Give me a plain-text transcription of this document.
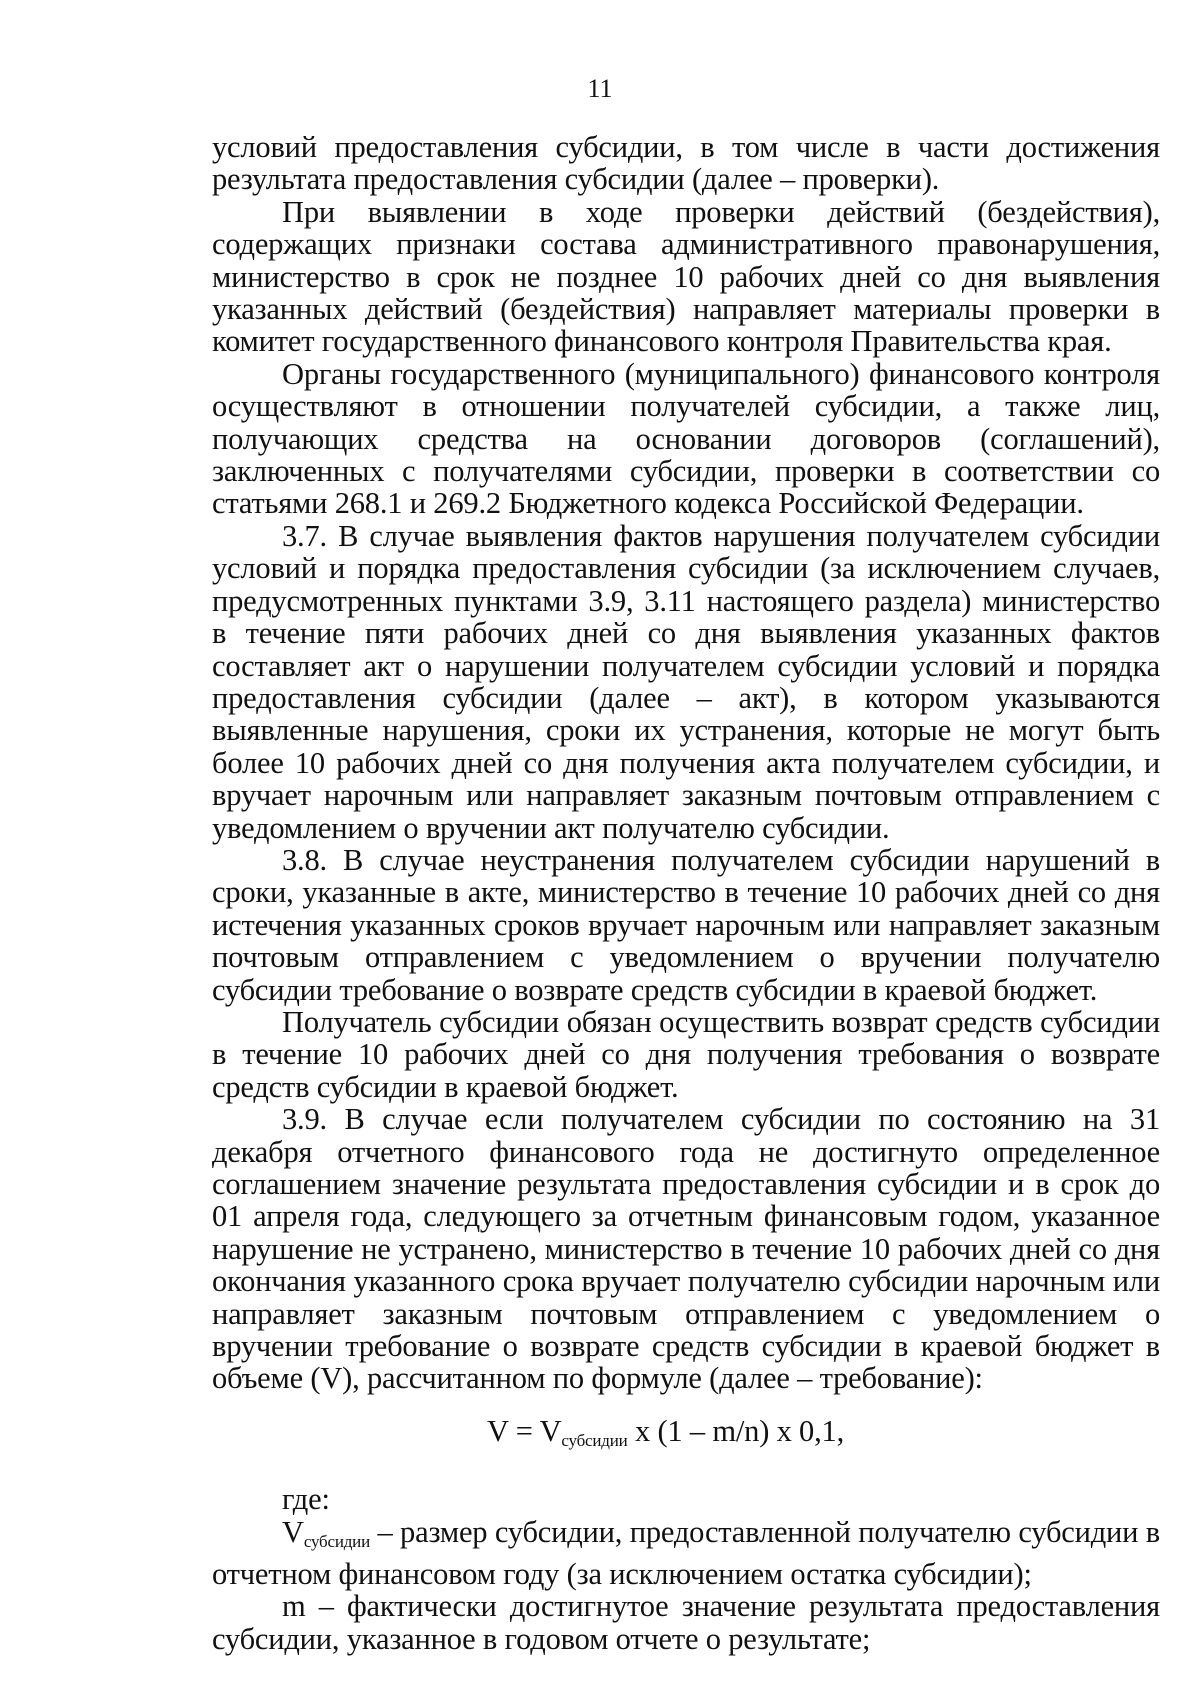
11

условий предоставления субсидии, в том числе в части достижения результата предоставления субсидии (далее – проверки).

При выявлении в ходе проверки действий (бездействия), содержащих признаки состава административного правонарушения, министерство в срок не позднее 10 рабочих дней со дня выявления указанных действий (бездействия) направляет материалы проверки в комитет государственного финансового контроля Правительства края.

Органы государственного (муниципального) финансового контроля осуществляют в отношении получателей субсидии, а также лиц, получающих средства на основании договоров (соглашений), заключенных с получателями субсидии, проверки в соответствии со статьями 268.1 и 269.2 Бюджетного кодекса Российской Федерации.

3.7. В случае выявления фактов нарушения получателем субсидии условий и порядка предоставления субсидии (за исключением случаев, предусмотренных пунктами 3.9, 3.11 настоящего раздела) министерство в течение пяти рабочих дней со дня выявления указанных фактов составляет акт о нарушении получателем субсидии условий и порядка предоставления субсидии (далее – акт), в котором указываются выявленные нарушения, сроки их устранения, которые не могут быть более 10 рабочих дней со дня получения акта получателем субсидии, и вручает нарочным или направляет заказным почтовым отправлением с уведомлением о вручении акт получателю субсидии.

3.8. В случае неустранения получателем субсидии нарушений в сроки, указанные в акте, министерство в течение 10 рабочих дней со дня истечения указанных сроков вручает нарочным или направляет заказным почтовым отправлением с уведомлением о вручении получателю субсидии требование о возврате средств субсидии в краевой бюджет.

Получатель субсидии обязан осуществить возврат средств субсидии в течение 10 рабочих дней со дня получения требования о возврате средств субсидии в краевой бюджет.

3.9. В случае если получателем субсидии по состоянию на 31 декабря отчетного финансового года не достигнуто определенное соглашением значение результата предоставления субсидии и в срок до 01 апреля года, следующего за отчетным финансовым годом, указанное нарушение не устранено, министерство в течение 10 рабочих дней со дня окончания указанного срока вручает получателю субсидии нарочным или направляет заказным почтовым отправлением с уведомлением о вручении требование о возврате средств субсидии в краевой бюджет в объеме (V), рассчитанном по формуле (далее – требование):

$V = V_{субсидии}$ x (1 – m/n) x 0,1,

где:

$V_{субсидии}$ – размер субсидии, предоставленной получателю субсидии в отчетном финансовом году (за исключением остатка субсидии);

m – фактически достигнутое значение результата предоставления субсидии, указанное в годовом отчете о результате;
